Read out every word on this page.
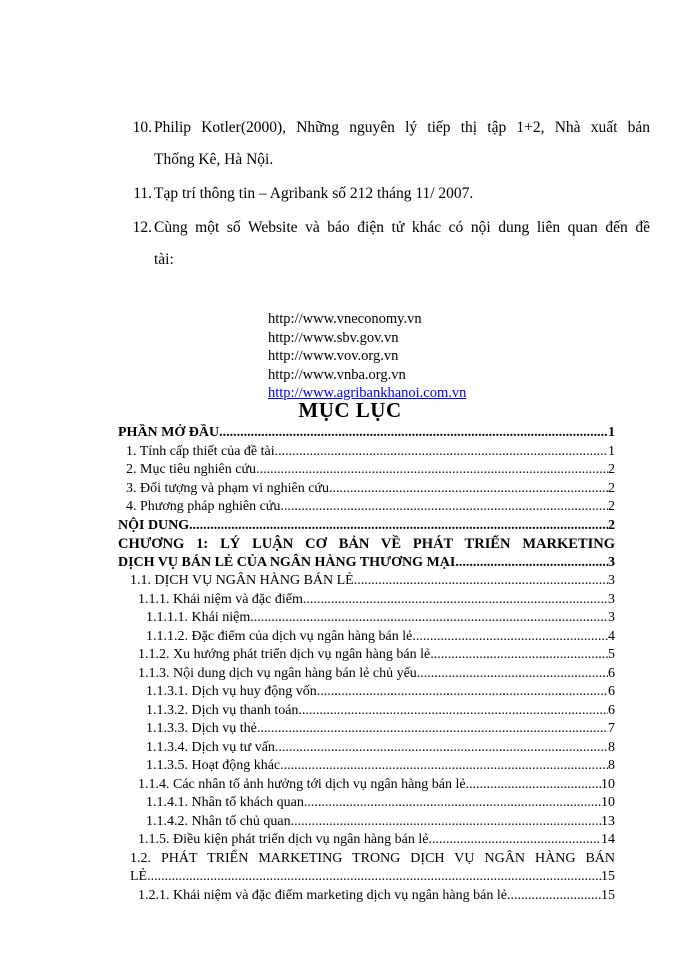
10. Philip Kotler(2000), Những nguyên lý tiếp thị tập 1+2, Nhà xuất bản
Thống Kê, Hà Nội.
11. Tạp trí thông tin – Agribank số 212 tháng 11/ 2007.
12. Cùng một số Website và báo điện tử khác có nội dung liên quan đến đề
tài:
http://www.vneconomy.vn
http://www.sbv.gov.vn
http://www.vov.org.vn
http://www.vnba.org.vn
http://www.agribankhanoi.com.vn
MỤC LỤC
PHẦN MỞ ĐẦU .....	1
1. Tính cấp thiết của đề tài .....	1
2. Mục tiêu nghiên cứu .....	2
3. Đối tượng và phạm vi nghiên cứu .....	2
4. Phương pháp nghiên cứu .....	2
NỘI DUNG .....	2
CHƯƠNG 1: LÝ LUẬN CƠ BẢN VỀ PHÁT TRIỂN MARKETING
DỊCH VỤ BÁN LẺ CỦA NGÂN HÀNG THƯƠNG MẠI .....	3
1.1. DỊCH VỤ NGÂN HÀNG BÁN LẺ .....	3
1.1.1. Khái niệm và đặc điểm .....	3
1.1.1.1. Khái niệm .....	3
1.1.1.2. Đặc điểm của dịch vụ ngân hàng bán lẻ .....	4
1.1.2. Xu hướng phát triển dịch vụ ngân hàng bán lẻ .....	5
1.1.3. Nội dung dịch vụ ngân hàng bán lẻ chủ yếu .....	6
1.1.3.1. Dịch vụ huy động vốn .....	6
1.1.3.2. Dịch vụ thanh toán .....	6
1.1.3.3. Dịch vụ thẻ .....	7
1.1.3.4. Dịch vụ tư vấn .....	8
1.1.3.5. Hoạt động khác .....	8
1.1.4. Các nhân tố ảnh hưởng tới dịch vụ ngân hàng bán lẻ .....	10
1.1.4.1. Nhân tố khách quan .....	10
1.1.4.2. Nhân tố chủ quan .....	13
1.1.5. Điều kiện phát triển dịch vụ ngân hàng bán lẻ .....	14
1.2. PHÁT TRIỂN MARKETING TRONG DỊCH VỤ NGÂN HÀNG BÁN
LẺ .....	15
1.2.1. Khái niệm và đặc điểm marketing dịch vụ ngân hàng bán lẻ .....	15
